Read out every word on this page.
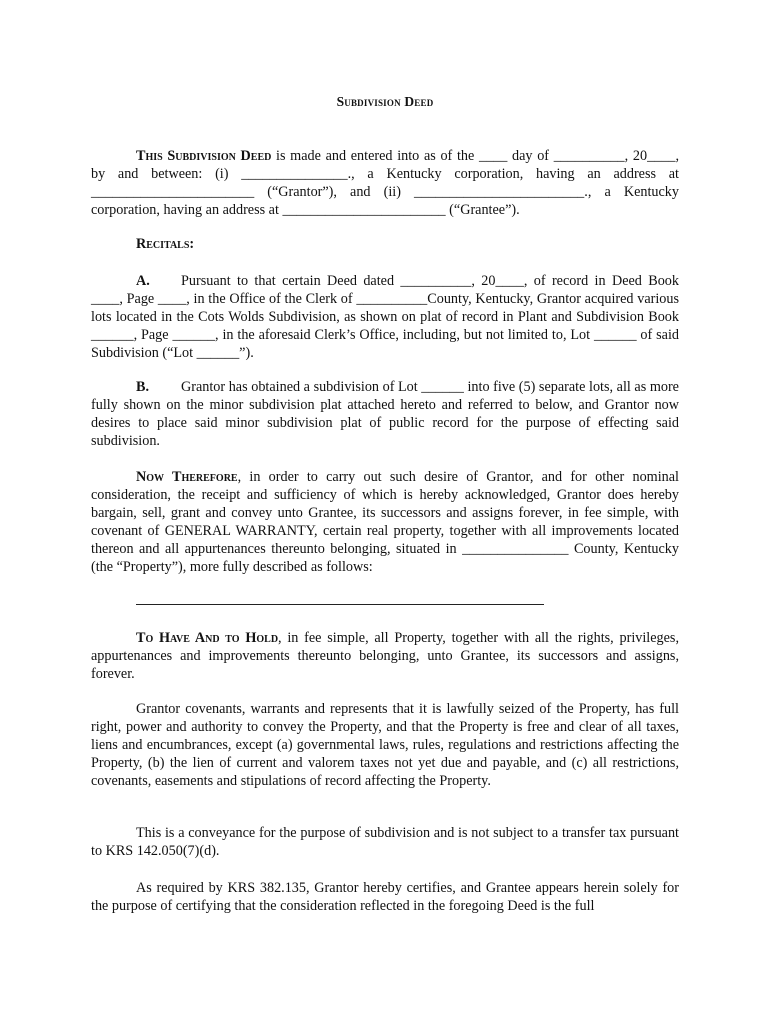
Subdivision Deed

This Subdivision Deed is made and entered into as of the ____ day of __________, 20____, by and between: (i) _______________., a Kentucky corporation, having an address at _______________________ (“Grantor”), and (ii) ________________________., a Kentucky corporation, having an address at _______________________ (“Grantee”).

Recitals:

A. Pursuant to that certain Deed dated __________, 20____, of record in Deed Book ____, Page ____, in the Office of the Clerk of __________County, Kentucky, Grantor acquired various lots located in the Cots Wolds Subdivision, as shown on plat of record in Plant and Subdivision Book ______, Page ______, in the aforesaid Clerk’s Office, including, but not limited to, Lot ______ of said Subdivision (“Lot ______”).

B. Grantor has obtained a subdivision of Lot ______ into five (5) separate lots, all as more fully shown on the minor subdivision plat attached hereto and referred to below, and Grantor now desires to place said minor subdivision plat of public record for the purpose of effecting said subdivision.

Now Therefore, in order to carry out such desire of Grantor, and for other nominal consideration, the receipt and sufficiency of which is hereby acknowledged, Grantor does hereby bargain, sell, grant and convey unto Grantee, its successors and assigns forever, in fee simple, with covenant of GENERAL WARRANTY, certain real property, together with all improvements located thereon and all appurtenances thereunto belonging, situated in _______________ County, Kentucky (the “Property”), more fully described as follows:

To Have And to Hold, in fee simple, all Property, together with all the rights, privileges, appurtenances and improvements thereunto belonging, unto Grantee, its successors and assigns, forever.

Grantor covenants, warrants and represents that it is lawfully seized of the Property, has full right, power and authority to convey the Property, and that the Property is free and clear of all taxes, liens and encumbrances, except (a) governmental laws, rules, regulations and restrictions affecting the Property, (b) the lien of current and valorem taxes not yet due and payable, and (c) all restrictions, covenants, easements and stipulations of record affecting the Property.

This is a conveyance for the purpose of subdivision and is not subject to a transfer tax pursuant to KRS 142.050(7)(d).

As required by KRS 382.135, Grantor hereby certifies, and Grantee appears herein solely for the purpose of certifying that the consideration reflected in the foregoing Deed is the full
